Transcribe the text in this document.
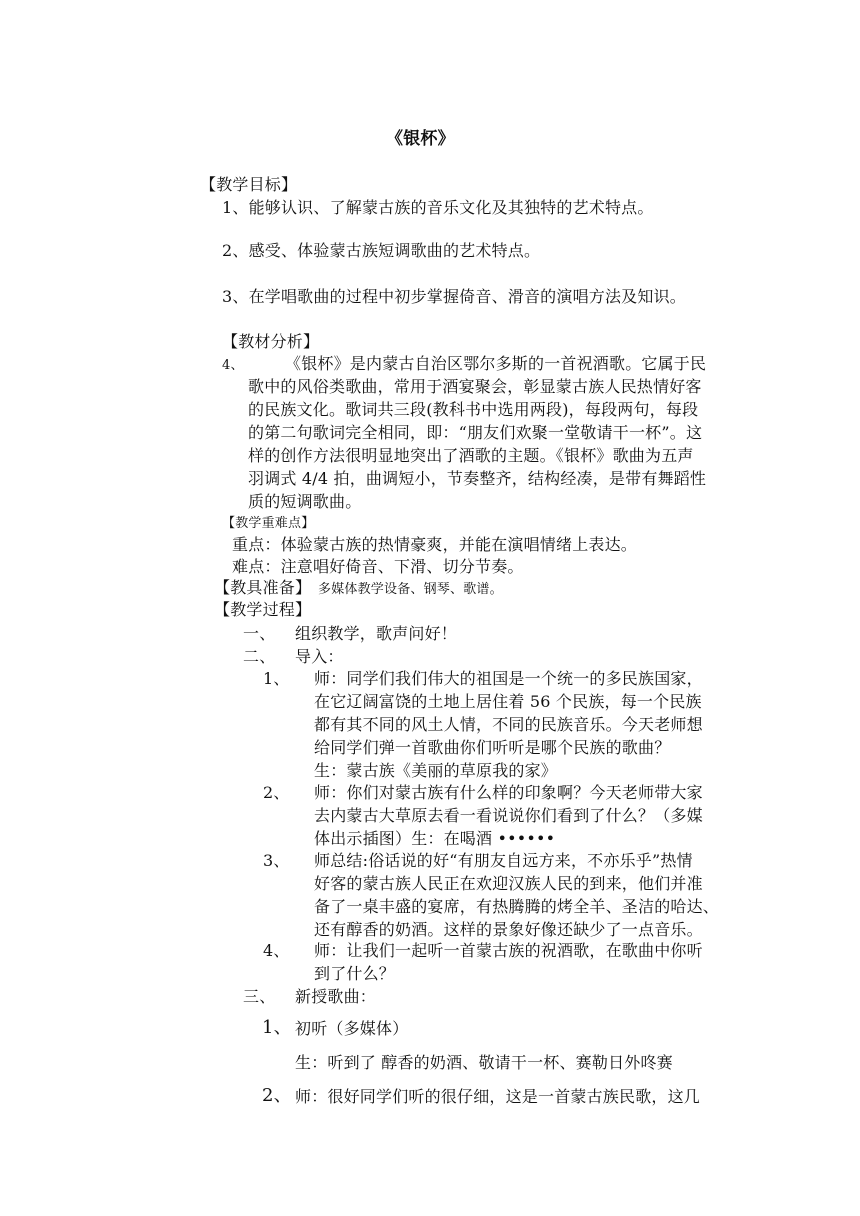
《银杯》
【教学目标】
1、能够认识、了解蒙古族的音乐文化及其独特的艺术特点。
2、感受、体验蒙古族短调歌曲的艺术特点。
3、在学唱歌曲的过程中初步掌握倚音、滑音的演唱方法及知识。
【教材分析】
4、	《银杯》是内蒙古自治区鄂尔多斯的一首祝酒歌。它属于民
歌中的风俗类歌曲，常用于酒宴聚会，彰显蒙古族人民热情好客
的民族文化。歌词共三段(教科书中选用两段)，每段两句，每段
的第二句歌词完全相同，即：“朋友们欢聚一堂敬请干一杯”。这
样的创作方法很明显地突出了酒歌的主题。《银杯》歌曲为五声
羽调式 4/4 拍，曲调短小，节奏整齐，结构经凑，是带有舞蹈性
质的短调歌曲。
【教学重难点】
重点：体验蒙古族的热情豪爽，并能在演唱情绪上表达。
难点：注意唱好倚音、下滑、切分节奏。
【教具准备】 多媒体教学设备、钢琴、歌谱。
【教学过程】
一、 组织教学，歌声问好！
二、 导入：
1、 师：同学们我们伟大的祖国是一个统一的多民族国家，
在它辽阔富饶的土地上居住着 56 个民族，每一个民族
都有其不同的风土人情，不同的民族音乐。今天老师想
给同学们弹一首歌曲你们听听是哪个民族的歌曲？
生：蒙古族《美丽的草原我的家》
2、 师：你们对蒙古族有什么样的印象啊？今天老师带大家
去内蒙古大草原去看一看说说你们看到了什么？（多媒
体出示插图）生：在喝酒 ••••••
3、 师总结:俗话说的好“有朋友自远方来，不亦乐乎”热情
好客的蒙古族人民正在欢迎汉族人民的到来，他们并准
备了一桌丰盛的宴席，有热腾腾的烤全羊、圣洁的哈达、
还有醇香的奶酒。这样的景象好像还缺少了一点音乐。
4、 师：让我们一起听一首蒙古族的祝酒歌，在歌曲中你听
到了什么？
三、 新授歌曲：
1、 初听（多媒体）
生：听到了 醇香的奶酒、敬请干一杯、赛勒日外咚赛
2、 师：很好同学们听的很仔细，这是一首蒙古族民歌，这几
